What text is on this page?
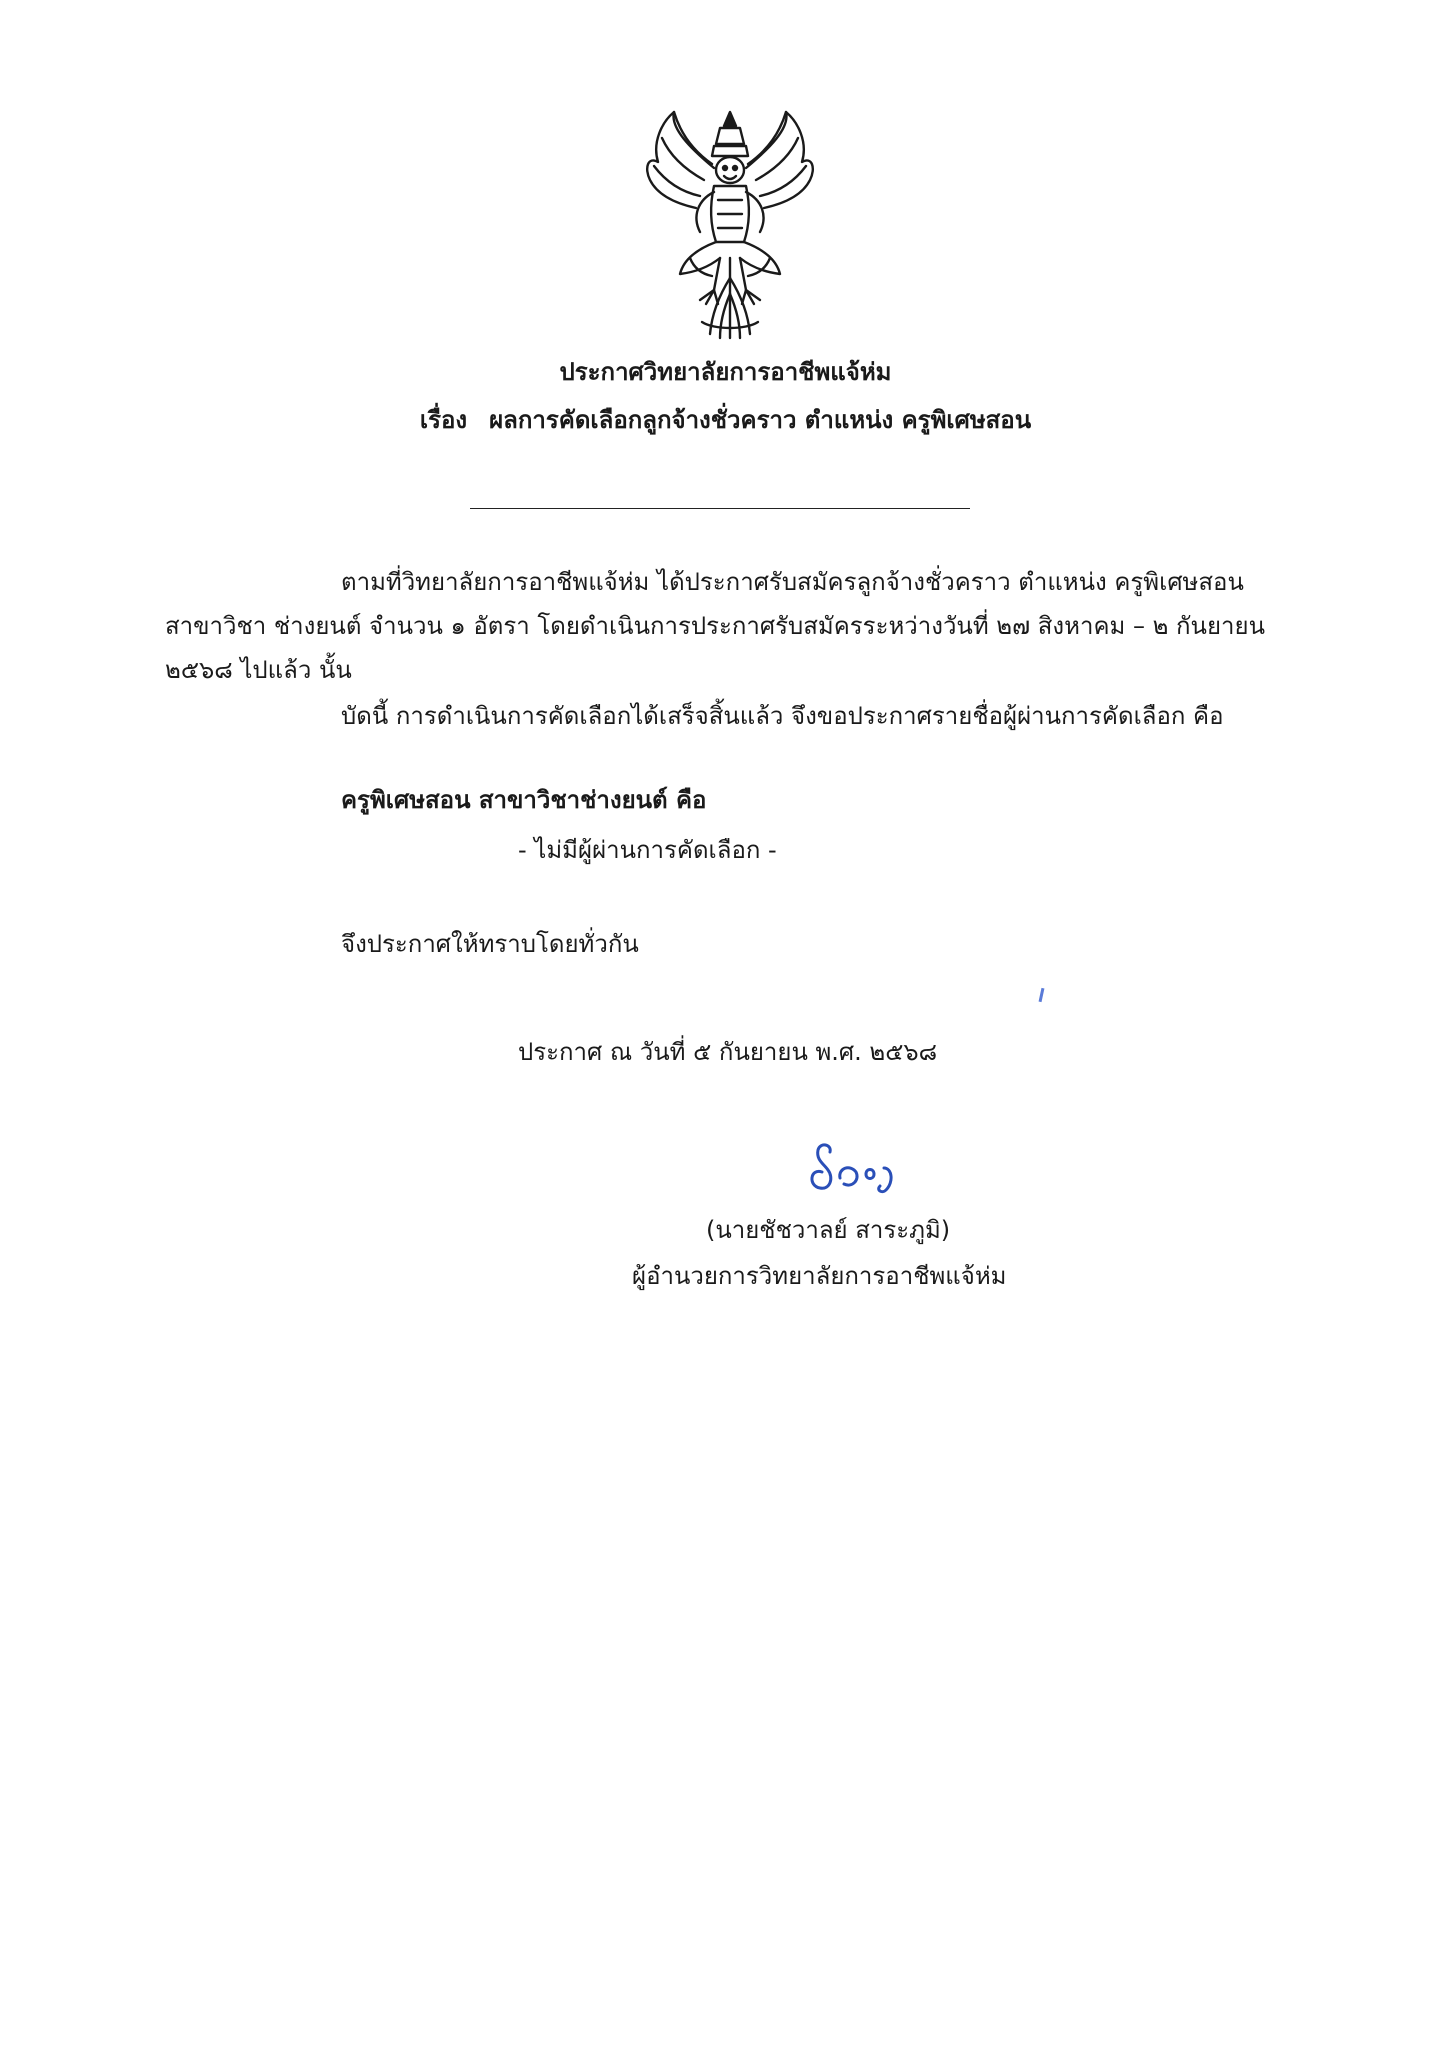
ประกาศวิทยาลัยการอาชีพแจ้ห่ม
เรื่อง ผลการคัดเลือกลูกจ้างชั่วคราว ตำแหน่ง ครูพิเศษสอน
ตามที่วิทยาลัยการอาชีพแจ้ห่ม ได้ประกาศรับสมัครลูกจ้างชั่วคราว ตำแหน่ง ครูพิเศษสอน
สาขาวิชา ช่างยนต์ จำนวน ๑ อัตรา โดยดำเนินการประกาศรับสมัครระหว่างวันที่ ๒๗ สิงหาคม – ๒ กันยายน
๒๕๖๘ ไปแล้ว นั้น
บัดนี้ การดำเนินการคัดเลือกได้เสร็จสิ้นแล้ว จึงขอประกาศรายชื่อผู้ผ่านการคัดเลือก คือ
ครูพิเศษสอน สาขาวิชาช่างยนต์ คือ
- ไม่มีผู้ผ่านการคัดเลือก -
จึงประกาศให้ทราบโดยทั่วกัน
ประกาศ ณ วันที่ ๕ กันยายน พ.ศ. ๒๕๖๘
(นายชัชวาลย์ สาระภูมิ)
ผู้อำนวยการวิทยาลัยการอาชีพแจ้ห่ม
